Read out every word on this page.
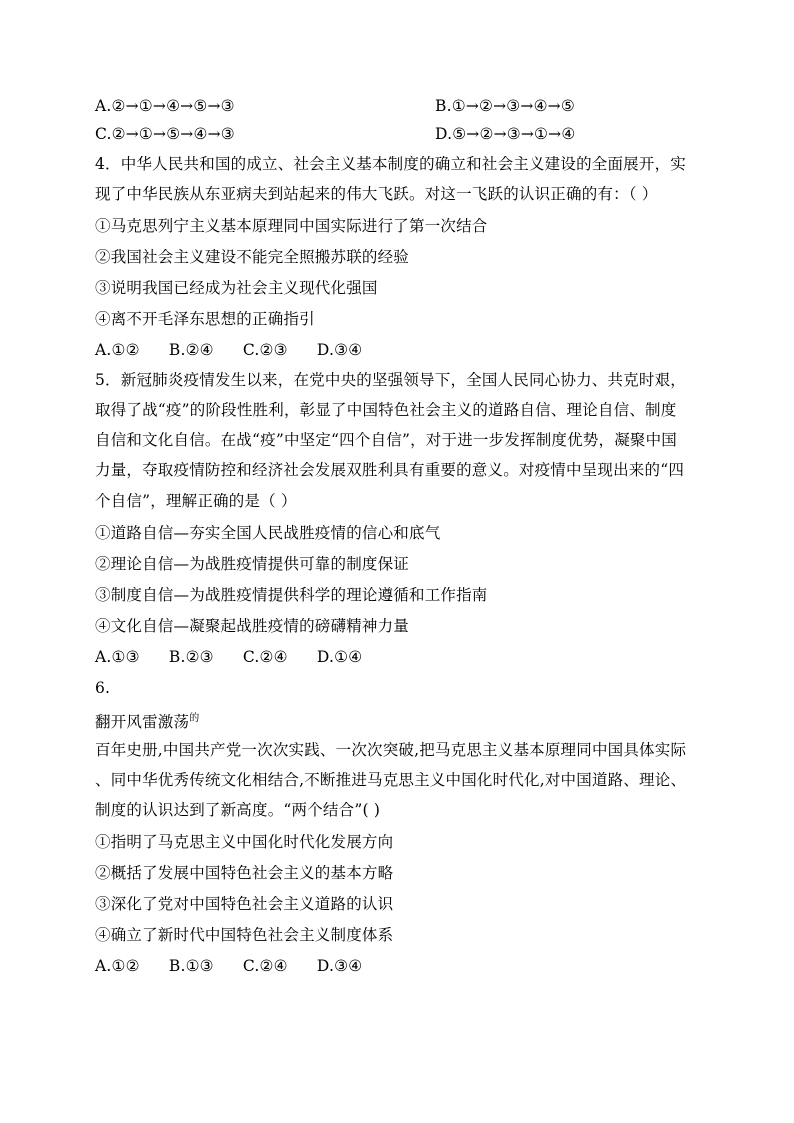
A.②→①→④→⑤→③	B.①→②→③→④→⑤
C.②→①→⑤→④→③	D.⑤→②→③→①→④
4．中华人民共和国的成立、社会主义基本制度的确立和社会主义建设的全面展开，实
现了中华民族从东亚病夫到站起来的伟大飞跃。对这一飞跃的认识正确的有：（ ）
①马克思列宁主义基本原理同中国实际进行了第一次结合
②我国社会主义建设不能完全照搬苏联的经验
③说明我国已经成为社会主义现代化强国
④离不开毛泽东思想的正确指引
A.①② B.②④ C.②③ D.③④
5．新冠肺炎疫情发生以来，在党中央的坚强领导下，全国人民同心协力、共克时艰，
取得了战“疫”的阶段性胜利，彰显了中国特色社会主义的道路自信、理论自信、制度
自信和文化自信。在战“疫”中坚定“四个自信”，对于进一步发挥制度优势，凝聚中国
力量，夺取疫情防控和经济社会发展双胜利具有重要的意义。对疫情中呈现出来的“四
个自信”，理解正确的是（ ）
①道路自信—夯实全国人民战胜疫情的信心和底气
②理论自信—为战胜疫情提供可靠的制度保证
③制度自信—为战胜疫情提供科学的理论遵循和工作指南
④文化自信—凝聚起战胜疫情的磅礴精神力量
A.①③ B.②③ C.②④ D.①④
6.
翻开风雷激荡$^的$
百年史册,中国共产党一次次实践、一次次突破,把马克思主义基本原理同中国具体实际
、同中华优秀传统文化相结合,不断推进马克思主义中国化时代化,对中国道路、理论、
制度的认识达到了新高度。“两个结合”( )
①指明了马克思主义中国化时代化发展方向
②概括了发展中国特色社会主义的基本方略
③深化了党对中国特色社会主义道路的认识
④确立了新时代中国特色社会主义制度体系
A.①② B.①③ C.②④ D.③④
